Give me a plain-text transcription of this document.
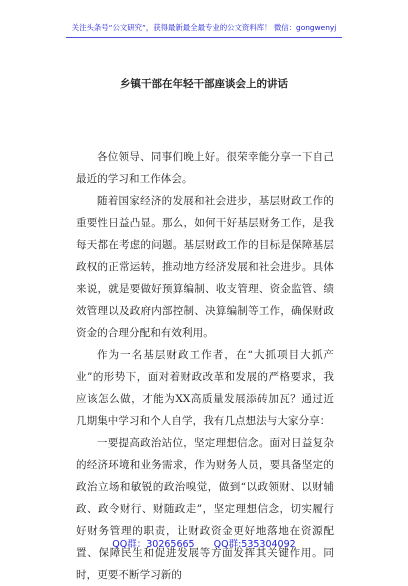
关注头条号“公文研究”，获得最新最全最专业的公文资料库！ 微信：gongwenyj
乡镇干部在年轻干部座谈会上的讲话

各位领导、同事们晚上好。很荣幸能分享一下自己最近的学习和工作体会。

随着国家经济的发展和社会进步，基层财政工作的重要性日益凸显。那么，如何干好基层财务工作，是我每天都在考虑的问题。基层财政工作的目标是保障基层政权的正常运转，推动地方经济发展和社会进步。具体来说，就是要做好预算编制、收支管理、资金监管、绩效管理以及政府内部控制、决算编制等工作，确保财政资金的合理分配和有效利用。

作为一名基层财政工作者，在“大抓项目大抓产业”的形势下，面对着财政改革和发展的严格要求，我应该怎么做，才能为XX高质量发展添砖加瓦？通过近几期集中学习和个人自学，我有几点想法与大家分享：

一要提高政治站位，坚定理想信念。面对日益复杂的经济环境和业务需求，作为财务人员，要具备坚定的政治立场和敏锐的政治嗅觉，做到“以政领财、以财辅政、政令财行、财随政走”，坚定理想信念，切实履行好财务管理的职责，让财政资金更好地落地在资源配置、保障民生和促进发展等方面发挥其关键作用。同时，更要不断学习新的

QQ群：30265665 QQ群:535304092
